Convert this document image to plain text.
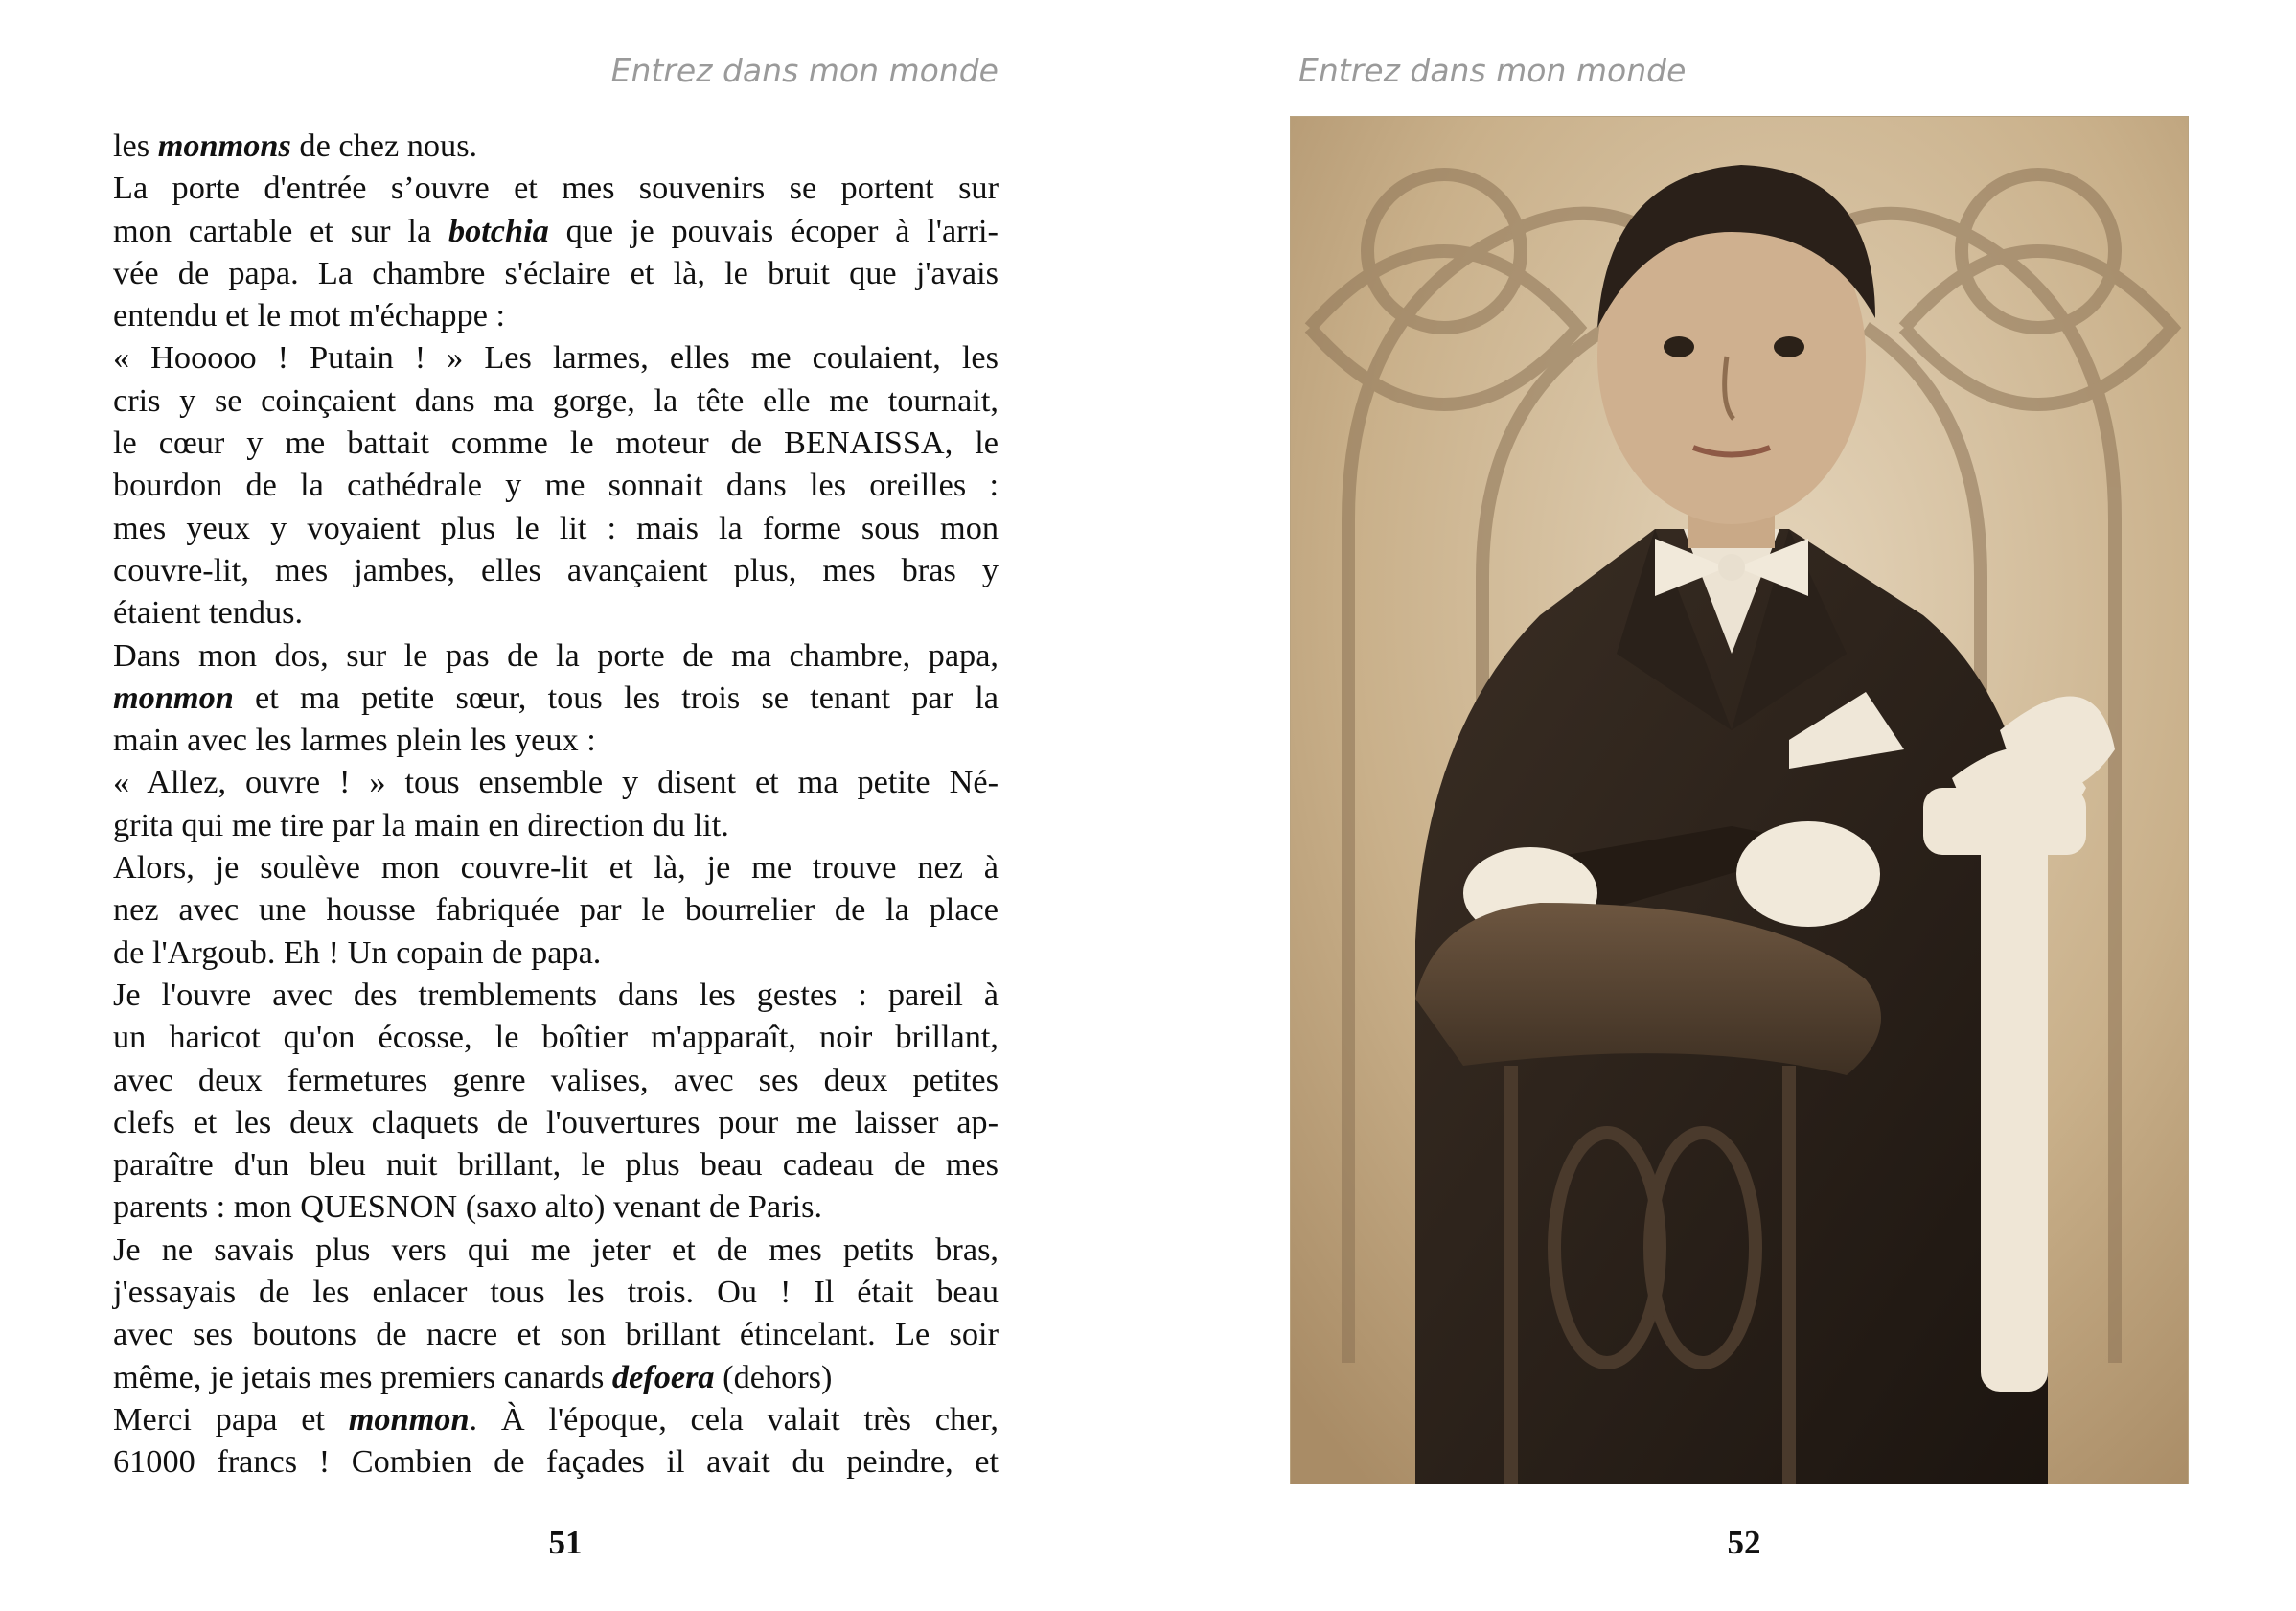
Entrez dans mon monde
les monmons de chez nous.
La porte d'entrée s’ouvre et mes souvenirs se portent sur
mon cartable et sur la botchia que je pouvais écoper à l'arri-
vée de papa. La chambre s'éclaire et là, le bruit que j'avais
entendu et le mot m'échappe :
« Hooooo ! Putain ! » Les larmes, elles me coulaient, les
cris y se coinçaient dans ma gorge, la tête elle me tournait,
le cœur y me battait comme le moteur de BENAISSA, le
bourdon de la cathédrale y me sonnait dans les oreilles :
mes yeux y voyaient plus le lit : mais la forme sous mon
couvre-lit, mes jambes, elles avançaient plus, mes bras y
étaient tendus.
Dans mon dos, sur le pas de la porte de ma chambre, papa,
monmon et ma petite sœur, tous les trois se tenant par la
main avec les larmes plein les yeux :
« Allez, ouvre ! » tous ensemble y disent et ma petite Né-
grita qui me tire par la main en direction du lit.
Alors, je soulève mon couvre-lit et là, je me trouve nez à
nez avec une housse fabriquée par le bourrelier de la place
de l'Argoub. Eh ! Un copain de papa.
Je l'ouvre avec des tremblements dans les gestes : pareil à
un haricot qu'on écosse, le boîtier m'apparaît, noir brillant,
avec deux fermetures genre valises, avec ses deux petites
clefs et les deux claquets de l'ouvertures pour me laisser ap-
paraître d'un bleu nuit brillant, le plus beau cadeau de mes
parents : mon QUESNON (saxo alto) venant de Paris.
Je ne savais plus vers qui me jeter et de mes petits bras,
j'essayais de les enlacer tous les trois. Ou ! Il était beau
avec ses boutons de nacre et son brillant étincelant. Le soir
même, je jetais mes premiers canards defoera (dehors)
Merci papa et monmon. À l'époque, cela valait très cher,
61000 francs ! Combien de façades il avait du peindre, et
51
Entrez dans mon monde
52
